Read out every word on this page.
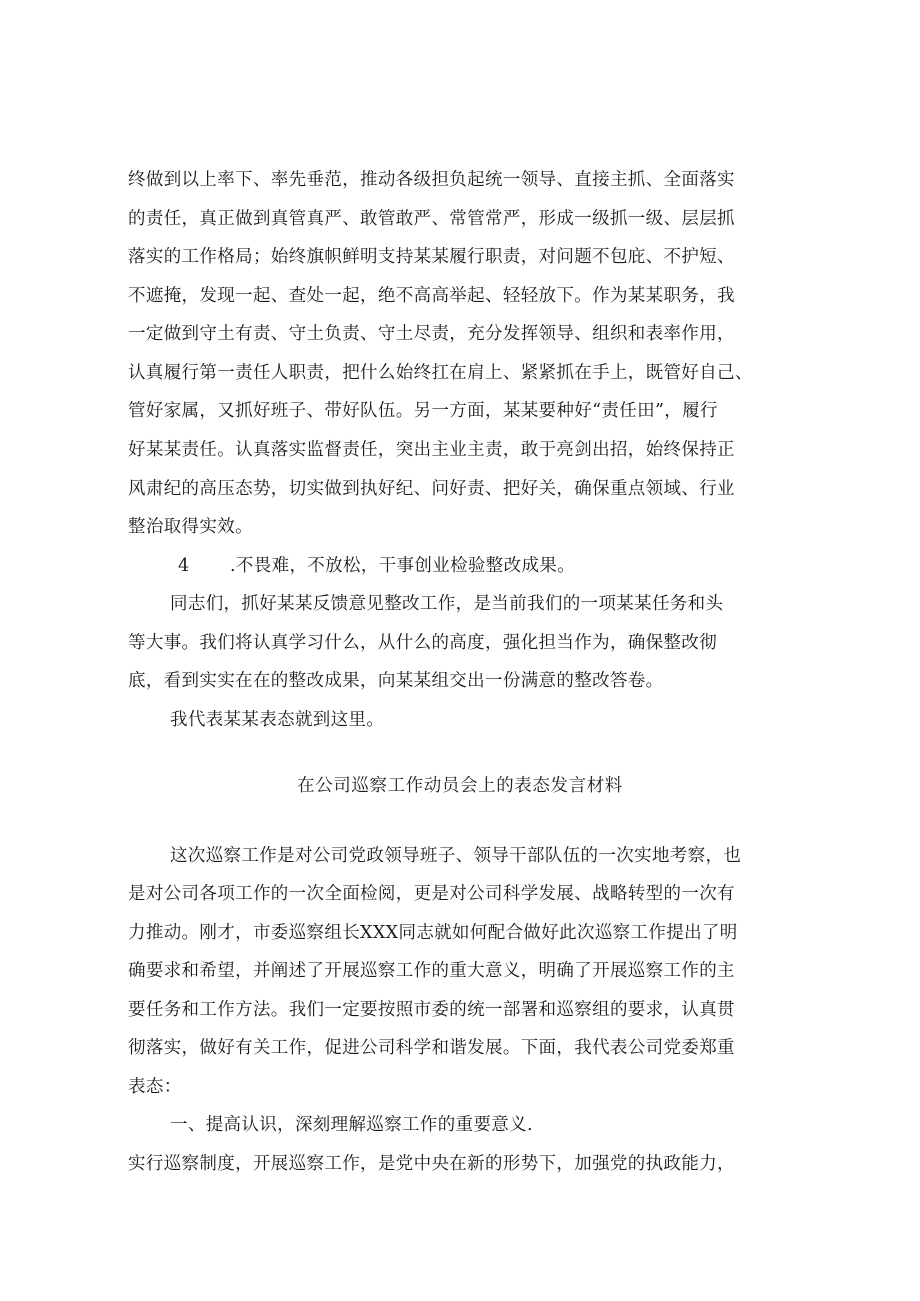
终做到以上率下、率先垂范，推动各级担负起统一领导、直接主抓、全面落实
的责任，真正做到真管真严、敢管敢严、常管常严，形成一级抓一级、层层抓
落实的工作格局；始终旗帜鲜明支持某某履行职责，对问题不包庇、不护短、
不遮掩，发现一起、查处一起，绝不高高举起、轻轻放下。作为某某职务，我
一定做到守土有责、守土负责、守土尽责，充分发挥领导、组织和表率作用，
认真履行第一责任人职责，把什么始终扛在肩上、紧紧抓在手上，既管好自己、
管好家属，又抓好班子、带好队伍。另一方面，某某要种好“责任田”，履行
好某某责任。认真落实监督责任，突出主业主责，敢于亮剑出招，始终保持正
风肃纪的高压态势，切实做到执好纪、问好责、把好关，确保重点领域、行业
整治取得实效。
4	.不畏难，不放松，干事创业检验整改成果。
同志们，抓好某某反馈意见整改工作，是当前我们的一项某某任务和头
等大事。我们将认真学习什么，从什么的高度，强化担当作为，确保整改彻
底，看到实实在在的整改成果，向某某组交出一份满意的整改答卷。
我代表某某表态就到这里。
在公司巡察工作动员会上的表态发言材料
这次巡察工作是对公司党政领导班子、领导干部队伍的一次实地考察，也
是对公司各项工作的一次全面检阅，更是对公司科学发展、战略转型的一次有
力推动。刚才，市委巡察组长XXX同志就如何配合做好此次巡察工作提出了明
确要求和希望，并阐述了开展巡察工作的重大意义，明确了开展巡察工作的主
要任务和工作方法。我们一定要按照市委的统一部署和巡察组的要求，认真贯
彻落实，做好有关工作，促进公司科学和谐发展。下面，我代表公司党委郑重
表态：
一、提高认识，深刻理解巡察工作的重要意义.
实行巡察制度，开展巡察工作，是党中央在新的形势下，加强党的执政能力，
